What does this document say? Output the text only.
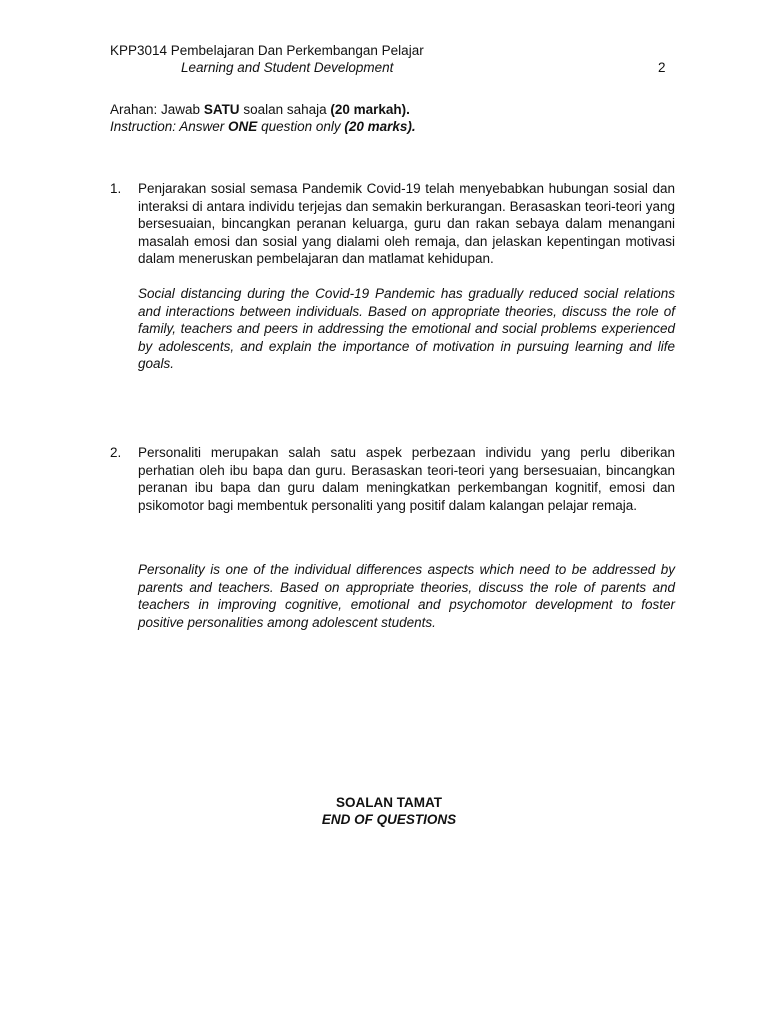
KPP3014 Pembelajaran Dan Perkembangan Pelajar
Learning and Student Development	2
Arahan: Jawab SATU soalan sahaja (20 markah).
Instruction: Answer ONE question only (20 marks).
1. Penjarakan sosial semasa Pandemik Covid-19 telah menyebabkan hubungan sosial dan interaksi di antara individu terjejas dan semakin berkurangan. Berasaskan teori-teori yang bersesuaian, bincangkan peranan keluarga, guru dan rakan sebaya dalam menangani masalah emosi dan sosial yang dialami oleh remaja, dan jelaskan kepentingan motivasi dalam meneruskan pembelajaran dan matlamat kehidupan.
Social distancing during the Covid-19 Pandemic has gradually reduced social relations and interactions between individuals. Based on appropriate theories, discuss the role of family, teachers and peers in addressing the emotional and social problems experienced by adolescents, and explain the importance of motivation in pursuing learning and life goals.
2. Personaliti merupakan salah satu aspek perbezaan individu yang perlu diberikan perhatian oleh ibu bapa dan guru. Berasaskan teori-teori yang bersesuaian, bincangkan peranan ibu bapa dan guru dalam meningkatkan perkembangan kognitif, emosi dan psikomotor bagi membentuk personaliti yang positif dalam kalangan pelajar remaja.
Personality is one of the individual differences aspects which need to be addressed by parents and teachers. Based on appropriate theories, discuss the role of parents and teachers in improving cognitive, emotional and psychomotor development to foster positive personalities among adolescent students.
SOALAN TAMAT
END OF QUESTIONS
